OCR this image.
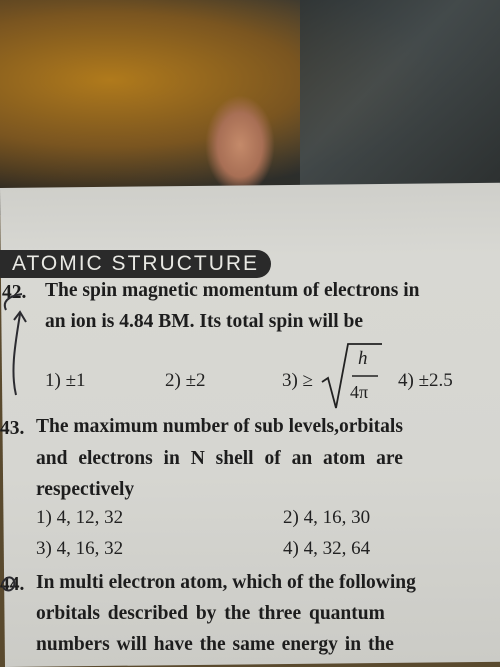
ATOMIC STRUCTURE
42. The spin magnetic momentum of electrons in
an ion is 4.84 BM. Its total spin will be
1) ±1	2) ±2	3) ≥
h
4π
4) ±2.5
43. The maximum number of sub levels,orbitals
and electrons in N shell of an atom are
respectively
1) 4, 12, 32	2) 4, 16, 30
3) 4, 16, 32	4) 4, 32, 64
44. In multi electron atom, which of the following
orbitals described by the three quantum
numbers will have the same energy in the
